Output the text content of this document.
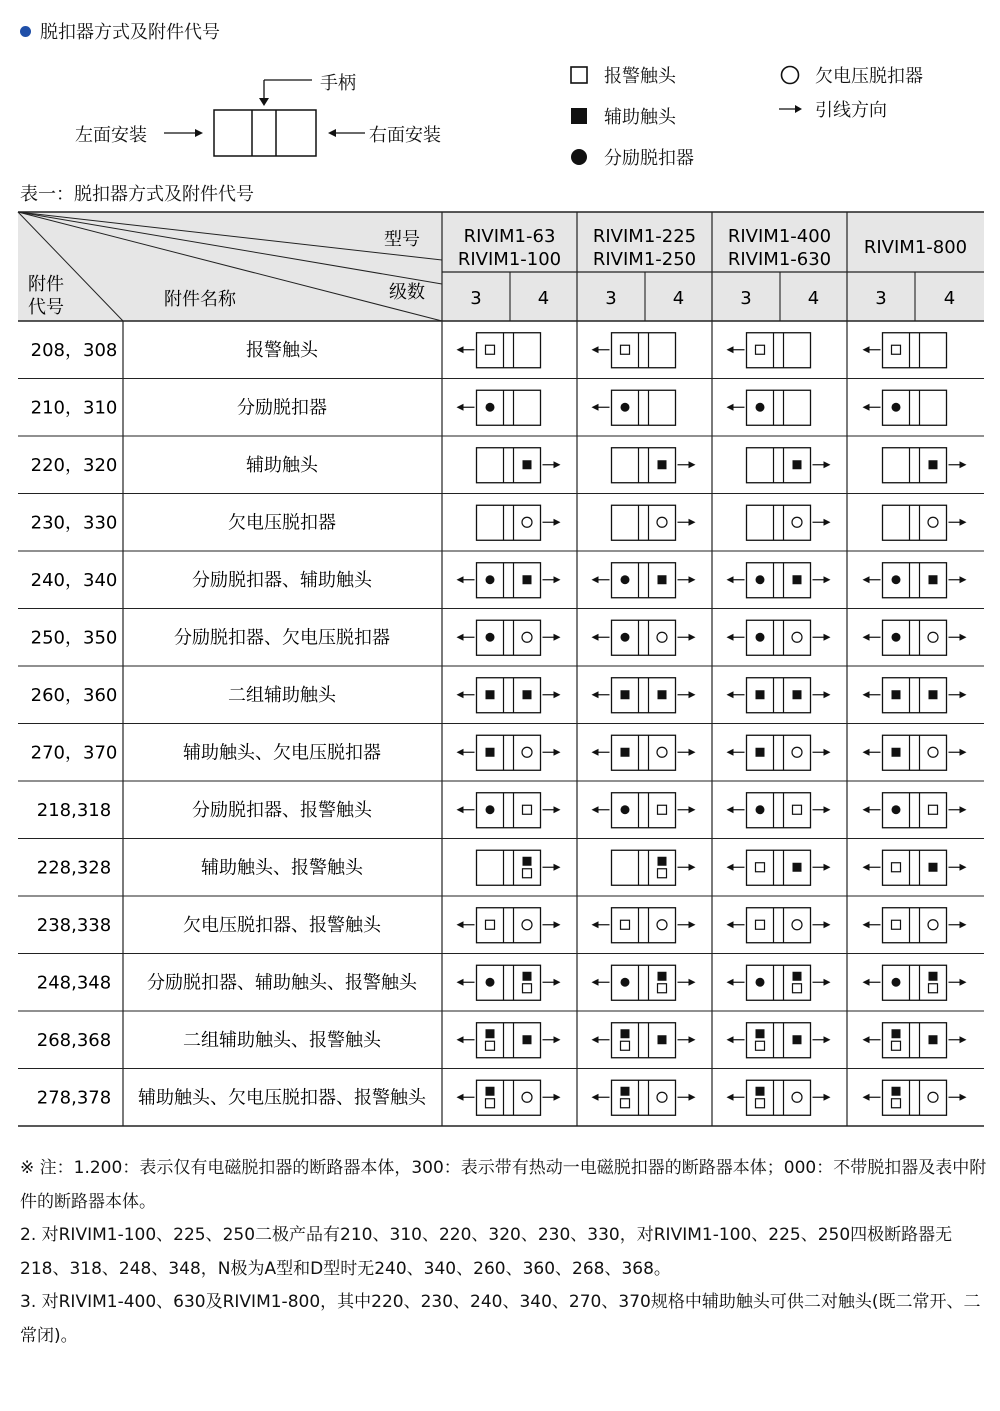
脱扣器方式及附件代号
手柄
左面安装	右面安装
报警触头
辅助触头
分励脱扣器
欠电压脱扣器
引线方向
表一：脱扣器方式及附件代号
型号
级数
附件
代号	附件名称
RIVIM1-63
RIVIM1-100
3	4
RIVIM1-225
RIVIM1-250
3	4
RIVIM1-400
RIVIM1-630
3	4
RIVIM1-800
3	4
208，308	报警触头
210，310	分励脱扣器
220，320	辅助触头
230，330	欠电压脱扣器
240，340	分励脱扣器、辅助触头
250，350	分励脱扣器、欠电压脱扣器
260，360	二组辅助触头
270，370	辅助触头、欠电压脱扣器
218,318	分励脱扣器、报警触头
228,328	辅助触头、报警触头
238,338	欠电压脱扣器、报警触头
248,348 分励脱扣器、辅助触头、报警触头
268,368	二组辅助触头、报警触头
278,378 辅助触头、欠电压脱扣器、报警触头

※ 注：1.200：表示仅有电磁脱扣器的断路器本体，300：表示带有热动一电磁脱扣器的断路器本体；000：不带脱扣器及表中附件的断路器本体。

2. 对RIVIM1-100、225、250二极产品有210、310、220、320、230、330，对RIVIM1-100、225、250四极断路器无218、318、248、348，N极为A型和D型时无240、340、260、360、268、368。

3. 对RIVIM1-400、630及RIVIM1-800，其中220、230、240、340、270、370规格中辅助触头可供二对触头(既二常开、二常闭)。
